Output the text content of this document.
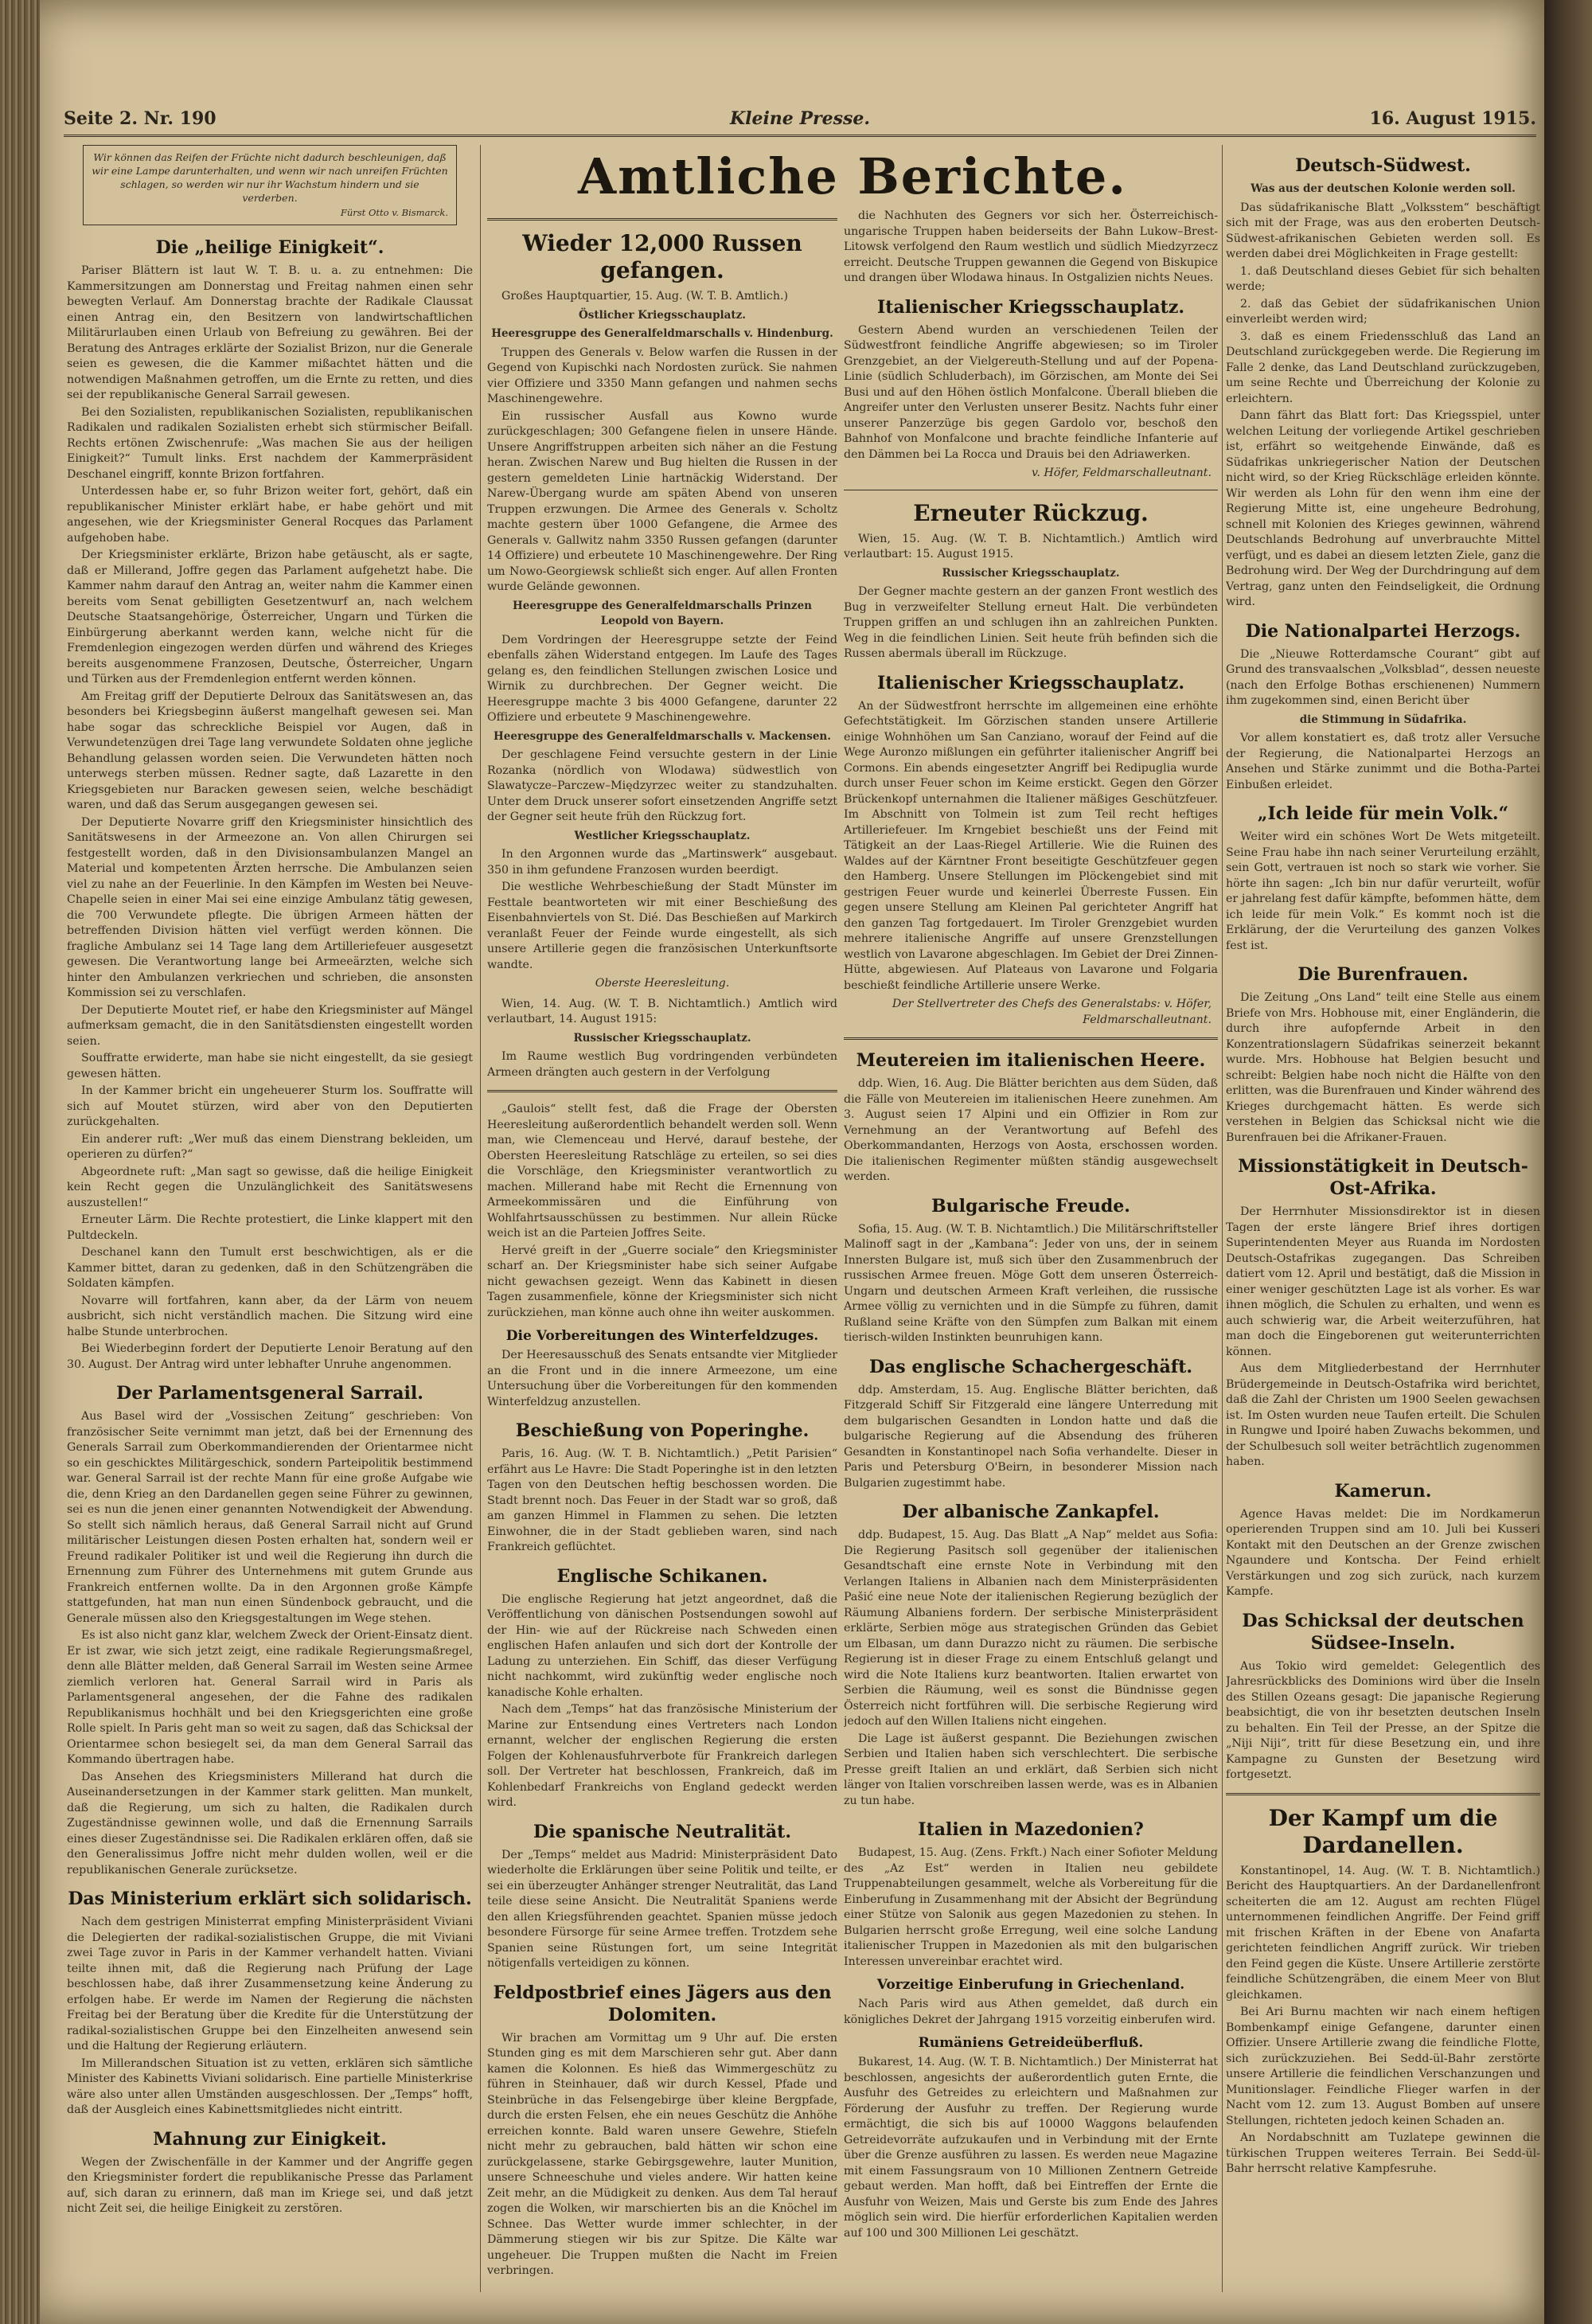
Seite 2. Nr. 190	Kleine Presse.	16. August 1915.
Wir können das Reifen der Früchte nicht dadurch beschleunigen, daß wir eine Lampe darunterhalten, und wenn wir nach unreifen Früchten schlagen, so werden wir nur ihr Wachstum hindern und sie verderben.
Fürst Otto v. Bismarck.
Die „heilige Einigkeit“.

Pariser Blättern ist laut W. T. B. u. a. zu entnehmen: Die Kammersitzungen am Donnerstag und Freitag nahmen einen sehr bewegten Verlauf. Am Donnerstag brachte der Radikale Claussat einen Antrag ein, den Besitzern von landwirtschaftlichen Militärurlauben einen Urlaub von Befreiung zu gewähren. Bei der Beratung des Antrages erklärte der Sozialist Brizon, nur die Generale seien es gewesen, die die Kammer mißachtet hätten und die notwendigen Maßnahmen getroffen, um die Ernte zu retten, und dies sei der republikanische General Sarrail gewesen.

Bei den Sozialisten, republikanischen Sozialisten, republikanischen Radikalen und radikalen Sozialisten erhebt sich stürmischer Beifall. Rechts ertönen Zwischenrufe: „Was machen Sie aus der heiligen Einigkeit?“ Tumult links. Erst nachdem der Kammerpräsident Deschanel eingriff, konnte Brizon fortfahren.

Unterdessen habe er, so fuhr Brizon weiter fort, gehört, daß ein republikanischer Minister erklärt habe, er habe gehört und mit angesehen, wie der Kriegsminister General Rocques das Parlament aufgehoben habe.

Der Kriegsminister erklärte, Brizon habe getäuscht, als er sagte, daß er Millerand, Joffre gegen das Parlament aufgehetzt habe. Die Kammer nahm darauf den Antrag an, weiter nahm die Kammer einen bereits vom Senat gebilligten Gesetzentwurf an, nach welchem Deutsche Staatsangehörige, Österreicher, Ungarn und Türken die Einbürgerung aberkannt werden kann, welche nicht für die Fremdenlegion eingezogen werden dürfen und während des Krieges bereits ausgenommene Franzosen, Deutsche, Österreicher, Ungarn und Türken aus der Fremdenlegion entfernt werden können.

Am Freitag griff der Deputierte Delroux das Sanitätswesen an, das besonders bei Kriegsbeginn äußerst mangelhaft gewesen sei. Man habe sogar das schreckliche Beispiel vor Augen, daß in Verwundetenzügen drei Tage lang verwundete Soldaten ohne jegliche Behandlung gelassen worden seien. Die Verwundeten hätten noch unterwegs sterben müssen. Redner sagte, daß Lazarette in den Kriegsgebieten nur Baracken gewesen seien, welche beschädigt waren, und daß das Serum ausgegangen gewesen sei.

Der Deputierte Novarre griff den Kriegsminister hinsichtlich des Sanitätswesens in der Armeezone an. Von allen Chirurgen sei festgestellt worden, daß in den Divisionsambulanzen Mangel an Material und kompetenten Ärzten herrsche. Die Ambulanzen seien viel zu nahe an der Feuerlinie. In den Kämpfen im Westen bei Neuve-Chapelle seien in einer Mai sei eine einzige Ambulanz tätig gewesen, die 700 Verwundete pflegte. Die übrigen Armeen hätten der betreffenden Division hätten viel verfügt werden können. Die fragliche Ambulanz sei 14 Tage lang dem Artilleriefeuer ausgesetzt gewesen. Die Verantwortung lange bei Armeeärzten, welche sich hinter den Ambulanzen verkriechen und schrieben, die ansonsten Kommission sei zu verschlafen.

Der Deputierte Moutet rief, er habe den Kriegsminister auf Mängel aufmerksam gemacht, die in den Sanitätsdiensten eingestellt worden seien.

Souffratte erwiderte, man habe sie nicht eingestellt, da sie gesiegt gewesen hätten.

In der Kammer bricht ein ungeheuerer Sturm los. Souffratte will sich auf Moutet stürzen, wird aber von den Deputierten zurückgehalten.

Ein anderer ruft: „Wer muß das einem Dienstrang bekleiden, um operieren zu dürfen?“

Abgeordnete ruft: „Man sagt so gewisse, daß die heilige Einigkeit kein Recht gegen die Unzulänglichkeit des Sanitätswesens auszustellen!“

Erneuter Lärm. Die Rechte protestiert, die Linke klappert mit den Pultdeckeln.

Deschanel kann den Tumult erst beschwichtigen, als er die Kammer bittet, daran zu gedenken, daß in den Schützengräben die Soldaten kämpfen.

Novarre will fortfahren, kann aber, da der Lärm von neuem ausbricht, sich nicht verständlich machen. Die Sitzung wird eine halbe Stunde unterbrochen.

Bei Wiederbeginn fordert der Deputierte Lenoir Beratung auf den 30. August. Der Antrag wird unter lebhafter Unruhe angenommen.

Der Parlamentsgeneral Sarrail.

Aus Basel wird der „Vossischen Zeitung“ geschrieben: Von französischer Seite vernimmt man jetzt, daß bei der Ernennung des Generals Sarrail zum Oberkommandierenden der Orientarmee nicht so ein geschicktes Militärgeschick, sondern Parteipolitik bestimmend war. General Sarrail ist der rechte Mann für eine große Aufgabe wie die, denn Krieg an den Dardanellen gegen seine Führer zu gewinnen, sei es nun die jenen einer genannten Notwendigkeit der Abwendung. So stellt sich nämlich heraus, daß General Sarrail nicht auf Grund militärischer Leistungen diesen Posten erhalten hat, sondern weil er Freund radikaler Politiker ist und weil die Regierung ihn durch die Ernennung zum Führer des Unternehmens mit gutem Grunde aus Frankreich entfernen wollte. Da in den Argonnen große Kämpfe stattgefunden, hat man nun einen Sündenbock gebraucht, und die Generale müssen also den Kriegsgestaltungen im Wege stehen.

Es ist also nicht ganz klar, welchem Zweck der Orient-Einsatz dient. Er ist zwar, wie sich jetzt zeigt, eine radikale Regierungsmaßregel, denn alle Blätter melden, daß General Sarrail im Westen seine Armee ziemlich verloren hat. General Sarrail wird in Paris als Parlamentsgeneral angesehen, der die Fahne des radikalen Republikanismus hochhält und bei den Kriegsgerichten eine große Rolle spielt. In Paris geht man so weit zu sagen, daß das Schicksal der Orientarmee schon besiegelt sei, da man dem General Sarrail das Kommando übertragen habe.

Das Ansehen des Kriegsministers Millerand hat durch die Auseinandersetzungen in der Kammer stark gelitten. Man munkelt, daß die Regierung, um sich zu halten, die Radikalen durch Zugeständnisse gewinnen wolle, und daß die Ernennung Sarrails eines dieser Zugeständnisse sei. Die Radikalen erklären offen, daß sie den Generalissimus Joffre nicht mehr dulden wollen, weil er die republikanischen Generale zurücksetze.

Das Ministerium erklärt sich solidarisch.

Nach dem gestrigen Ministerrat empfing Ministerpräsident Viviani die Delegierten der radikal-sozialistischen Gruppe, die mit Viviani zwei Tage zuvor in Paris in der Kammer verhandelt hatten. Viviani teilte ihnen mit, daß die Regierung nach Prüfung der Lage beschlossen habe, daß ihrer Zusammensetzung keine Änderung zu erfolgen habe. Er werde im Namen der Regierung die nächsten Freitag bei der Beratung über die Kredite für die Unterstützung der radikal-sozialistischen Gruppe bei den Einzelheiten anwesend sein und die Haltung der Regierung erläutern.

Im Millerandschen Situation ist zu vetten, erklären sich sämtliche Minister des Kabinetts Viviani solidarisch. Eine partielle Ministerkrise wäre also unter allen Umständen ausgeschlossen. Der „Temps“ hofft, daß der Ausgleich eines Kabinettsmitgliedes nicht eintritt.

Mahnung zur Einigkeit.

Wegen der Zwischenfälle in der Kammer und der Angriffe gegen den Kriegsminister fordert die republikanische Presse das Parlament auf, sich daran zu erinnern, daß man im Kriege sei, und daß jetzt nicht Zeit sei, die heilige Einigkeit zu zerstören.

Amtliche Berichte.
Wieder 12,000 Russen gefangen.

Großes Hauptquartier, 15. Aug. (W. T. B. Amtlich.)

Östlicher Kriegsschauplatz.
Heeresgruppe des Generalfeldmarschalls v. Hindenburg.

Truppen des Generals v. Below warfen die Russen in der Gegend von Kupischki nach Nordosten zurück. Sie nahmen vier Offiziere und 3350 Mann gefangen und nahmen sechs Maschinengewehre.

Ein russischer Ausfall aus Kowno wurde zurückgeschlagen; 300 Gefangene fielen in unsere Hände. Unsere Angriffstruppen arbeiten sich näher an die Festung heran. Zwischen Narew und Bug hielten die Russen in der gestern gemeldeten Linie hartnäckig Widerstand. Der Narew-Übergang wurde am späten Abend von unseren Truppen erzwungen. Die Armee des Generals v. Scholtz machte gestern über 1000 Gefangene, die Armee des Generals v. Gallwitz nahm 3350 Russen gefangen (darunter 14 Offiziere) und erbeutete 10 Maschinengewehre. Der Ring um Nowo-Georgiewsk schließt sich enger. Auf allen Fronten wurde Gelände gewonnen.

Heeresgruppe des Generalfeldmarschalls Prinzen Leopold von Bayern.

Dem Vordringen der Heeresgruppe setzte der Feind ebenfalls zähen Widerstand entgegen. Im Laufe des Tages gelang es, den feindlichen Stellungen zwischen Losice und Wirnik zu durchbrechen. Der Gegner weicht. Die Heeresgruppe machte 3 bis 4000 Gefangene, darunter 22 Offiziere und erbeutete 9 Maschinengewehre.

Heeresgruppe des Generalfeldmarschalls v. Mackensen.

Der geschlagene Feind versuchte gestern in der Linie Rozanka (nördlich von Wlodawa) südwestlich von Slawatycze–Parczew–Międzyrzec weiter zu standzuhalten. Unter dem Druck unserer sofort einsetzenden Angriffe setzt der Gegner seit heute früh den Rückzug fort.

Westlicher Kriegsschauplatz.

In den Argonnen wurde das „Martinswerk“ ausgebaut. 350 in ihm gefundene Franzosen wurden beerdigt.

Die westliche Wehrbeschießung der Stadt Münster im Festtale beantworteten wir mit einer Beschießung des Eisenbahnviertels von St. Dié. Das Beschießen auf Markirch veranlaßt Feuer der Feinde wurde eingestellt, als sich unsere Artillerie gegen die französischen Unterkunftsorte wandte.

Oberste Heeresleitung.

Wien, 14. Aug. (W. T. B. Nichtamtlich.) Amtlich wird verlautbart, 14. August 1915:

Russischer Kriegsschauplatz.

Im Raume westlich Bug vordringenden verbündeten Armeen drängten auch gestern in der Verfolgung

„Gaulois“ stellt fest, daß die Frage der Obersten Heeresleitung außerordentlich behandelt werden soll. Wenn man, wie Clemenceau und Hervé, darauf bestehe, der Obersten Heeresleitung Ratschläge zu erteilen, so sei dies die Vorschläge, den Kriegsminister verantwortlich zu machen. Millerand habe mit Recht die Ernennung von Armeekommissären und die Einführung von Wohlfahrtsausschüssen zu bestimmen. Nur allein Rücke weich ist an die Parteien Joffres Seite.

Hervé greift in der „Guerre sociale“ den Kriegsminister scharf an. Der Kriegsminister habe sich seiner Aufgabe nicht gewachsen gezeigt. Wenn das Kabinett in diesen Tagen zusammenfiele, könne der Kriegsminister sich nicht zurückziehen, man könne auch ohne ihn weiter auskommen.

Die Vorbereitungen des Winterfeldzuges.

Der Heeresausschuß des Senats entsandte vier Mitglieder an die Front und in die innere Armeezone, um eine Untersuchung über die Vorbereitungen für den kommenden Winterfeldzug anzustellen.

Beschießung von Poperinghe.

Paris, 16. Aug. (W. T. B. Nichtamtlich.) „Petit Parisien“ erfährt aus Le Havre: Die Stadt Poperinghe ist in den letzten Tagen von den Deutschen heftig beschossen worden. Die Stadt brennt noch. Das Feuer in der Stadt war so groß, daß am ganzen Himmel in Flammen zu sehen. Die letzten Einwohner, die in der Stadt geblieben waren, sind nach Frankreich geflüchtet.

Englische Schikanen.

Die englische Regierung hat jetzt angeordnet, daß die Veröffentlichung von dänischen Postsendungen sowohl auf der Hin- wie auf der Rückreise nach Schweden einen englischen Hafen anlaufen und sich dort der Kontrolle der Ladung zu unterziehen. Ein Schiff, das dieser Verfügung nicht nachkommt, wird zukünftig weder englische noch kanadische Kohle erhalten.

Nach dem „Temps“ hat das französische Ministerium der Marine zur Entsendung eines Vertreters nach London ernannt, welcher der englischen Regierung die ersten Folgen der Kohlenausfuhrverbote für Frankreich darlegen soll. Der Vertreter hat beschlossen, Frankreich, daß im Kohlenbedarf Frankreichs von England gedeckt werden wird.

Die spanische Neutralität.

Der „Temps“ meldet aus Madrid: Ministerpräsident Dato wiederholte die Erklärungen über seine Politik und teilte, er sei ein überzeugter Anhänger strenger Neutralität, das Land teile diese seine Ansicht. Die Neutralität Spaniens werde den allen Kriegsführenden geachtet. Spanien müsse jedoch besondere Fürsorge für seine Armee treffen. Trotzdem sehe Spanien seine Rüstungen fort, um seine Integrität nötigenfalls verteidigen zu können.

Feldpostbrief eines Jägers aus den Dolomiten.

Wir brachen am Vormittag um 9 Uhr auf. Die ersten Stunden ging es mit dem Marschieren sehr gut. Aber dann kamen die Kolonnen. Es hieß das Wimmergeschütz zu führen in Steinhauer, daß wir durch Kessel, Pfade und Steinbrüche in das Felsengebirge über kleine Bergpfade, durch die ersten Felsen, ehe ein neues Geschütz die Anhöhe erreichen konnte. Bald waren unsere Gewehre, Stiefeln nicht mehr zu gebrauchen, bald hätten wir schon eine zurückgelassene, starke Gebirgsgewehre, lauter Munition, unsere Schneeschuhe und vieles andere. Wir hatten keine Zeit mehr, an die Müdigkeit zu denken. Aus dem Tal herauf zogen die Wolken, wir marschierten bis an die Knöchel im Schnee. Das Wetter wurde immer schlechter, in der Dämmerung stiegen wir bis zur Spitze. Die Kälte war ungeheuer. Die Truppen mußten die Nacht im Freien verbringen.

die Nachhuten des Gegners vor sich her. Österreichisch-ungarische Truppen haben beiderseits der Bahn Lukow–Brest-Litowsk verfolgend den Raum westlich und südlich Miedzyrzecz erreicht. Deutsche Truppen gewannen die Gegend von Biskupice und drangen über Wlodawa hinaus. In Ostgalizien nichts Neues.

Italienischer Kriegsschauplatz.

Gestern Abend wurden an verschiedenen Teilen der Südwestfront feindliche Angriffe abgewiesen; so im Tiroler Grenzgebiet, an der Vielgereuth-Stellung und auf der Popena-Linie (südlich Schluderbach), im Görzischen, am Monte dei Sei Busi und auf den Höhen östlich Monfalcone. Überall blieben die Angreifer unter den Verlusten unserer Besitz. Nachts fuhr einer unserer Panzerzüge bis gegen Gardolo vor, beschoß den Bahnhof von Monfalcone und brachte feindliche Infanterie auf den Dämmen bei La Rocca und Drauis bei den Adriawerken.

v. Höfer, Feldmarschalleutnant.
Erneuter Rückzug.

Wien, 15. Aug. (W. T. B. Nichtamtlich.) Amtlich wird verlautbart: 15. August 1915.

Russischer Kriegsschauplatz.

Der Gegner machte gestern an der ganzen Front westlich des Bug in verzweifelter Stellung erneut Halt. Die verbündeten Truppen griffen an und schlugen ihn an zahlreichen Punkten. Weg in die feindlichen Linien. Seit heute früh befinden sich die Russen abermals überall im Rückzuge.

Italienischer Kriegsschauplatz.

An der Südwestfront herrschte im allgemeinen eine erhöhte Gefechtstätigkeit. Im Görzischen standen unsere Artillerie einige Wohnhöhen um San Canziano, worauf der Feind auf die Wege Auronzo mißlungen ein geführter italienischer Angriff bei Cormons. Ein abends eingesetzter Angriff bei Redipuglia wurde durch unser Feuer schon im Keime erstickt. Gegen den Görzer Brückenkopf unternahmen die Italiener mäßiges Geschützfeuer. Im Abschnitt von Tolmein ist zum Teil recht heftiges Artilleriefeuer. Im Krngebiet beschießt uns der Feind mit Tätigkeit an der Laas-Riegel Artillerie. Wie die Ruinen des Waldes auf der Kärntner Front beseitigte Geschützfeuer gegen den Hamberg. Unsere Stellungen im Plöckengebiet sind mit gestrigen Feuer wurde und keinerlei Überreste Fussen. Ein gegen unsere Stellung am Kleinen Pal gerichteter Angriff hat den ganzen Tag fortgedauert. Im Tiroler Grenzgebiet wurden mehrere italienische Angriffe auf unsere Grenzstellungen westlich von Lavarone abgeschlagen. Im Gebiet der Drei Zinnen-Hütte, abgewiesen. Auf Plateaus von Lavarone und Folgaria beschießt feindliche Artillerie unsere Werke.

Der Stellvertreter des Chefs des Generalstabs: v. Höfer, Feldmarschalleutnant.
Meutereien im italienischen Heere.

ddp. Wien, 16. Aug. Die Blätter berichten aus dem Süden, daß die Fälle von Meutereien im italienischen Heere zunehmen. Am 3. August seien 17 Alpini und ein Offizier in Rom zur Vernehmung an der Verantwortung auf Befehl des Oberkommandanten, Herzogs von Aosta, erschossen worden. Die italienischen Regimenter müßten ständig ausgewechselt werden.

Bulgarische Freude.

Sofia, 15. Aug. (W. T. B. Nichtamtlich.) Die Militärschriftsteller Malinoff sagt in der „Kambana“: Jeder von uns, der in seinem Innersten Bulgare ist, muß sich über den Zusammenbruch der russischen Armee freuen. Möge Gott dem unseren Österreich-Ungarn und deutschen Armeen Kraft verleihen, die russische Armee völlig zu vernichten und in die Sümpfe zu führen, damit Rußland seine Kräfte von den Sümpfen zum Balkan mit einem tierisch-wilden Instinkten beunruhigen kann.

Das englische Schachergeschäft.

ddp. Amsterdam, 15. Aug. Englische Blätter berichten, daß Fitzgerald Schiff Sir Fitzgerald eine längere Unterredung mit dem bulgarischen Gesandten in London hatte und daß die bulgarische Regierung auf die Absendung des früheren Gesandten in Konstantinopel nach Sofia verhandelte. Dieser in Paris und Petersburg O'Beirn, in besonderer Mission nach Bulgarien zugestimmt habe.

Der albanische Zankapfel.

ddp. Budapest, 15. Aug. Das Blatt „A Nap“ meldet aus Sofia: Die Regierung Pasitsch soll gegenüber der italienischen Gesandtschaft eine ernste Note in Verbindung mit den Verlangen Italiens in Albanien nach dem Ministerpräsidenten Pašić eine neue Note der italienischen Regierung bezüglich der Räumung Albaniens fordern. Der serbische Ministerpräsident erklärte, Serbien möge aus strategischen Gründen das Gebiet um Elbasan, um dann Durazzo nicht zu räumen. Die serbische Regierung ist in dieser Frage zu einem Entschluß gelangt und wird die Note Italiens kurz beantworten. Italien erwartet von Serbien die Räumung, weil es sonst die Bündnisse gegen Österreich nicht fortführen will. Die serbische Regierung wird jedoch auf den Willen Italiens nicht eingehen.

Die Lage ist äußerst gespannt. Die Beziehungen zwischen Serbien und Italien haben sich verschlechtert. Die serbische Presse greift Italien an und erklärt, daß Serbien sich nicht länger von Italien vorschreiben lassen werde, was es in Albanien zu tun habe.

Italien in Mazedonien?

Budapest, 15. Aug. (Zens. Frkft.) Nach einer Sofioter Meldung des „Az Est“ werden in Italien neu gebildete Truppenabteilungen gesammelt, welche als Vorbereitung für die Einberufung in Zusammenhang mit der Absicht der Begründung einer Stütze von Salonik aus gegen Mazedonien zu stehen. In Bulgarien herrscht große Erregung, weil eine solche Landung italienischer Truppen in Mazedonien als mit den bulgarischen Interessen unvereinbar erachtet wird.

Vorzeitige Einberufung in Griechenland.

Nach Paris wird aus Athen gemeldet, daß durch ein königliches Dekret der Jahrgang 1915 vorzeitig einberufen wird.

Rumäniens Getreideüberfluß.

Bukarest, 14. Aug. (W. T. B. Nichtamtlich.) Der Ministerrat hat beschlossen, angesichts der außerordentlich guten Ernte, die Ausfuhr des Getreides zu erleichtern und Maßnahmen zur Förderung der Ausfuhr zu treffen. Der Regierung wurde ermächtigt, die sich bis auf 10000 Waggons belaufenden Getreidevorräte aufzukaufen und in Verbindung mit der Ernte über die Grenze ausführen zu lassen. Es werden neue Magazine mit einem Fassungsraum von 10 Millionen Zentnern Getreide gebaut werden. Man hofft, daß bei Eintreffen der Ernte die Ausfuhr von Weizen, Mais und Gerste bis zum Ende des Jahres möglich sein wird. Die hierfür erforderlichen Kapitalien werden auf 100 und 300 Millionen Lei geschätzt.

Deutsch-Südwest.
Was aus der deutschen Kolonie werden soll.

Das südafrikanische Blatt „Volksstem“ beschäftigt sich mit der Frage, was aus den eroberten Deutsch-Südwest-afrikanischen Gebieten werden soll. Es werden dabei drei Möglichkeiten in Frage gestellt:

1. daß Deutschland dieses Gebiet für sich behalten werde;

2. daß das Gebiet der südafrikanischen Union einverleibt werden wird;

3. daß es einem Friedensschluß das Land an Deutschland zurückgegeben werde. Die Regierung im Falle 2 denke, das Land Deutschland zurückzugeben, um seine Rechte und Überreichung der Kolonie zu erleichtern.

Dann fährt das Blatt fort: Das Kriegsspiel, unter welchen Leitung der vorliegende Artikel geschrieben ist, erfährt so weitgehende Einwände, daß es Südafrikas unkriegerischer Nation der Deutschen nicht wird, so der Krieg Rückschläge erleiden könnte. Wir werden als Lohn für den wenn ihm eine der Regierung Mitte ist, eine ungeheure Bedrohung, schnell mit Kolonien des Krieges gewinnen, während Deutschlands Bedrohung auf unverbrauchte Mittel verfügt, und es dabei an diesem letzten Ziele, ganz die Bedrohung wird. Der Weg der Durchdringung auf dem Vertrag, ganz unten den Feindseligkeit, die Ordnung wird.

Die Nationalpartei Herzogs.

Die „Nieuwe Rotterdamsche Courant“ gibt auf Grund des transvaalschen „Volksblad“, dessen neueste (nach den Erfolge Bothas erschienenen) Nummern ihm zugekommen sind, einen Bericht über

die Stimmung in Südafrika.

Vor allem konstatiert es, daß trotz aller Versuche der Regierung, die Nationalpartei Herzogs an Ansehen und Stärke zunimmt und die Botha-Partei Einbußen erleidet.

„Ich leide für mein Volk.“

Weiter wird ein schönes Wort De Wets mitgeteilt. Seine Frau habe ihn nach seiner Verurteilung erzählt, sein Gott, vertrauen ist noch so stark wie vorher. Sie hörte ihn sagen: „Ich bin nur dafür verurteilt, wofür er jahrelang fest dafür kämpfte, befommen hätte, dem ich leide für mein Volk.“ Es kommt noch ist die Erklärung, der die Verurteilung des ganzen Volkes fest ist.

Die Burenfrauen.

Die Zeitung „Ons Land“ teilt eine Stelle aus einem Briefe von Mrs. Hobhouse mit, einer Engländerin, die durch ihre aufopfernde Arbeit in den Konzentrationslagern Südafrikas seinerzeit bekannt wurde. Mrs. Hobhouse hat Belgien besucht und schreibt: Belgien habe noch nicht die Hälfte von den erlitten, was die Burenfrauen und Kinder während des Krieges durchgemacht hätten. Es werde sich verstehen in Belgien das Schicksal nicht wie die Burenfrauen bei die Afrikaner-Frauen.

Missionstätigkeit in Deutsch-Ost-Afrika.

Der Herrnhuter Missionsdirektor ist in diesen Tagen der erste längere Brief ihres dortigen Superintendenten Meyer aus Ruanda im Nordosten Deutsch-Ostafrikas zugegangen. Das Schreiben datiert vom 12. April und bestätigt, daß die Mission in einer weniger geschützten Lage ist als vorher. Es war ihnen möglich, die Schulen zu erhalten, und wenn es auch schwierig war, die Arbeit weiterzuführen, hat man doch die Eingeborenen gut weiterunterrichten können.

Aus dem Mitgliederbestand der Herrnhuter Brüdergemeinde in Deutsch-Ostafrika wird berichtet, daß die Zahl der Christen um 1900 Seelen gewachsen ist. Im Osten wurden neue Taufen erteilt. Die Schulen in Rungwe und Ipoiré haben Zuwachs bekommen, und der Schulbesuch soll weiter beträchtlich zugenommen haben.

Kamerun.

Agence Havas meldet: Die im Nordkamerun operierenden Truppen sind am 10. Juli bei Kusseri Kontakt mit den Deutschen an der Grenze zwischen Ngaundere und Kontscha. Der Feind erhielt Verstärkungen und zog sich zurück, nach kurzem Kampfe.

Das Schicksal der deutschen Südsee-Inseln.

Aus Tokio wird gemeldet: Gelegentlich des Jahresrückblicks des Dominions wird über die Inseln des Stillen Ozeans gesagt: Die japanische Regierung beabsichtigt, die von ihr besetzten deutschen Inseln zu behalten. Ein Teil der Presse, an der Spitze die „Niji Niji“, tritt für diese Besetzung ein, und ihre Kampagne zu Gunsten der Besetzung wird fortgesetzt.

Der Kampf um die Dardanellen.

Konstantinopel, 14. Aug. (W. T. B. Nichtamtlich.) Bericht des Hauptquartiers. An der Dardanellenfront scheiterten die am 12. August am rechten Flügel unternommenen feindlichen Angriffe. Der Feind griff mit frischen Kräften in der Ebene von Anafarta gerichteten feindlichen Angriff zurück. Wir trieben den Feind gegen die Küste. Unsere Artillerie zerstörte feindliche Schützengräben, die einem Meer von Blut gleichkamen.

Bei Ari Burnu machten wir nach einem heftigen Bombenkampf einige Gefangene, darunter einen Offizier. Unsere Artillerie zwang die feindliche Flotte, sich zurückzuziehen. Bei Sedd-ül-Bahr zerstörte unsere Artillerie die feindlichen Verschanzungen und Munitionslager. Feindliche Flieger warfen in der Nacht vom 12. zum 13. August Bomben auf unsere Stellungen, richteten jedoch keinen Schaden an.

An Nordabschnitt am Tuzlatepe gewinnen die türkischen Truppen weiteres Terrain. Bei Sedd-ül-Bahr herrscht relative Kampfesruhe.
